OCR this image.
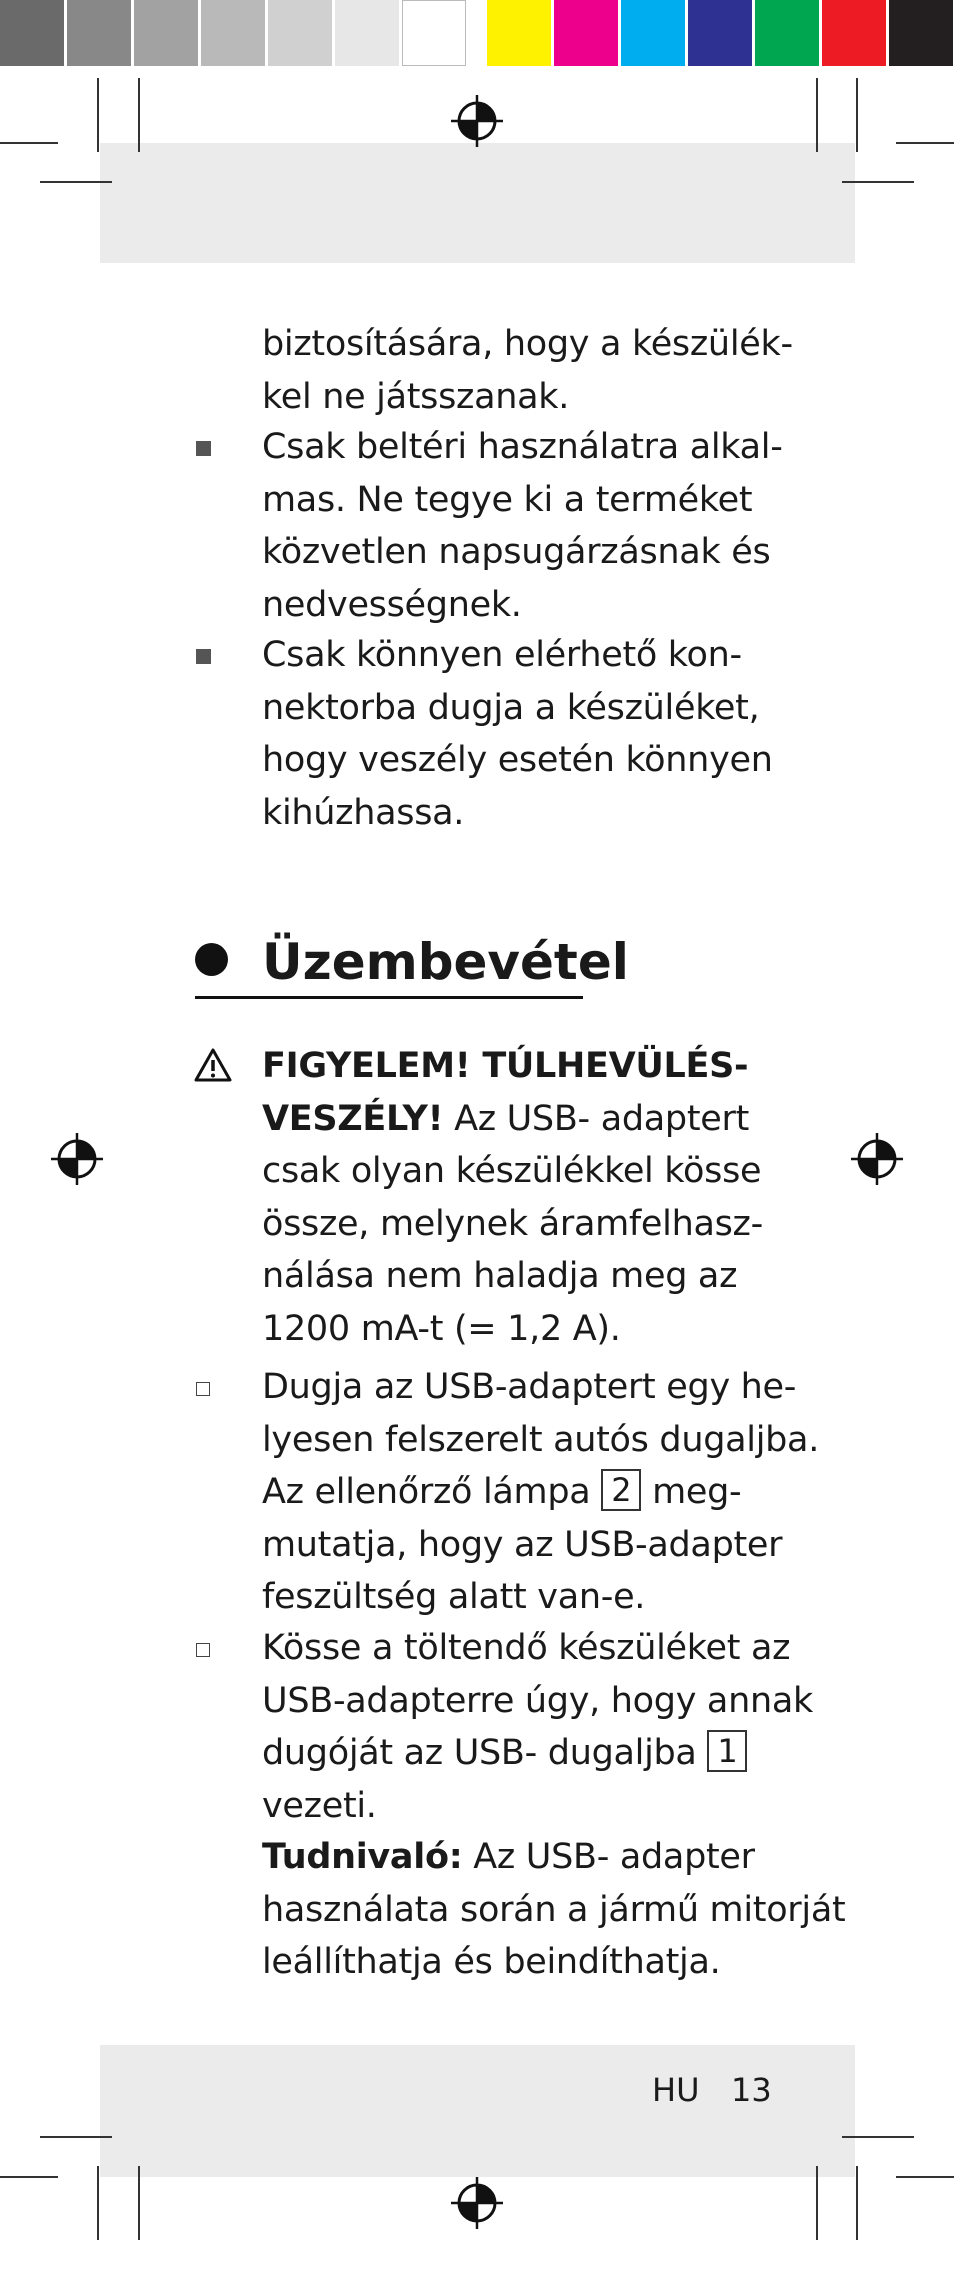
biztosítására, hogy a készülék-
kel ne játsszanak.
Csak beltéri használatra alkal-
mas. Ne tegye ki a terméket
közvetlen napsugárzásnak és
nedvességnek.
Csak könnyen elérhető kon-
nektorba dugja a készüléket,
hogy veszély esetén könnyen
kihúzhassa.
Üzembevétel
FIGYELEM! TÚLHEVÜLÉS-
VESZÉLY! Az USB- adaptert
csak olyan készülékkel kösse
össze, melynek áramfelhasz-
nálása nem haladja meg az
1200 mA-t (= 1,2 A).
Dugja az USB-adaptert egy he-
lyesen felszerelt autós dugaljba.
Az ellenőrző lámpa 2 meg-
mutatja, hogy az USB-adapter
feszültség alatt van-e.
Kösse a töltendő készüléket az
USB-adapterre úgy, hogy annak
dugóját az USB- dugaljba 1
vezeti.
Tudnivaló: Az USB- adapter
használata során a jármű mitorját
leállíthatja és beindíthatja.
HU 13
